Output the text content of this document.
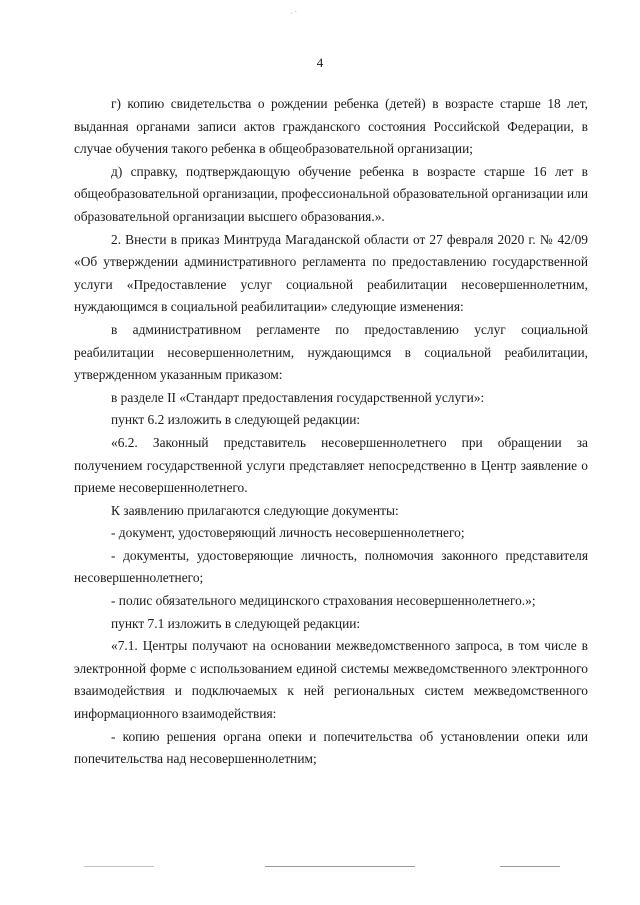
· ·
4

г) копию свидетельства о рождении ребенка (детей) в возрасте старше 18 лет, выданная органами записи актов гражданского состояния Российской Федерации, в случае обучения такого ребенка в общеобразовательной организации;

д) справку, подтверждающую обучение ребенка в возрасте старше 16 лет в общеобразовательной организации, профессиональной образовательной организации или образовательной организации высшего образования.».

2. Внести в приказ Минтруда Магаданской области от 27 февраля 2020 г. № 42/09 «Об утверждении административного регламента по предоставлению государственной услуги «Предоставление услуг социальной реабилитации несовершеннолетним, нуждающимся в социальной реабилитации» следующие изменения:

в административном регламенте по предоставлению услуг социальной реабилитации несовершеннолетним, нуждающимся в социальной реабилитации, утвержденном указанным приказом:

в разделе II «Стандарт предоставления государственной услуги»:

пункт 6.2 изложить в следующей редакции:

«6.2. Законный представитель несовершеннолетнего при обращении за получением государственной услуги представляет непосредственно в Центр заявление о приеме несовершеннолетнего.

К заявлению прилагаются следующие документы:

- документ, удостоверяющий личность несовершеннолетнего;

- документы, удостоверяющие личность, полномочия законного представителя несовершеннолетнего;

- полис обязательного медицинского страхования несовершеннолетнего.»;

пункт 7.1 изложить в следующей редакции:

«7.1. Центры получают на основании межведомственного запроса, в том числе в электронной форме с использованием единой системы межведомственного электронного взаимодействия и подключаемых к ней региональных систем межведомственного информационного взаимодействия:

- копию решения органа опеки и попечительства об установлении опеки или попечительства над несовершеннолетним;
